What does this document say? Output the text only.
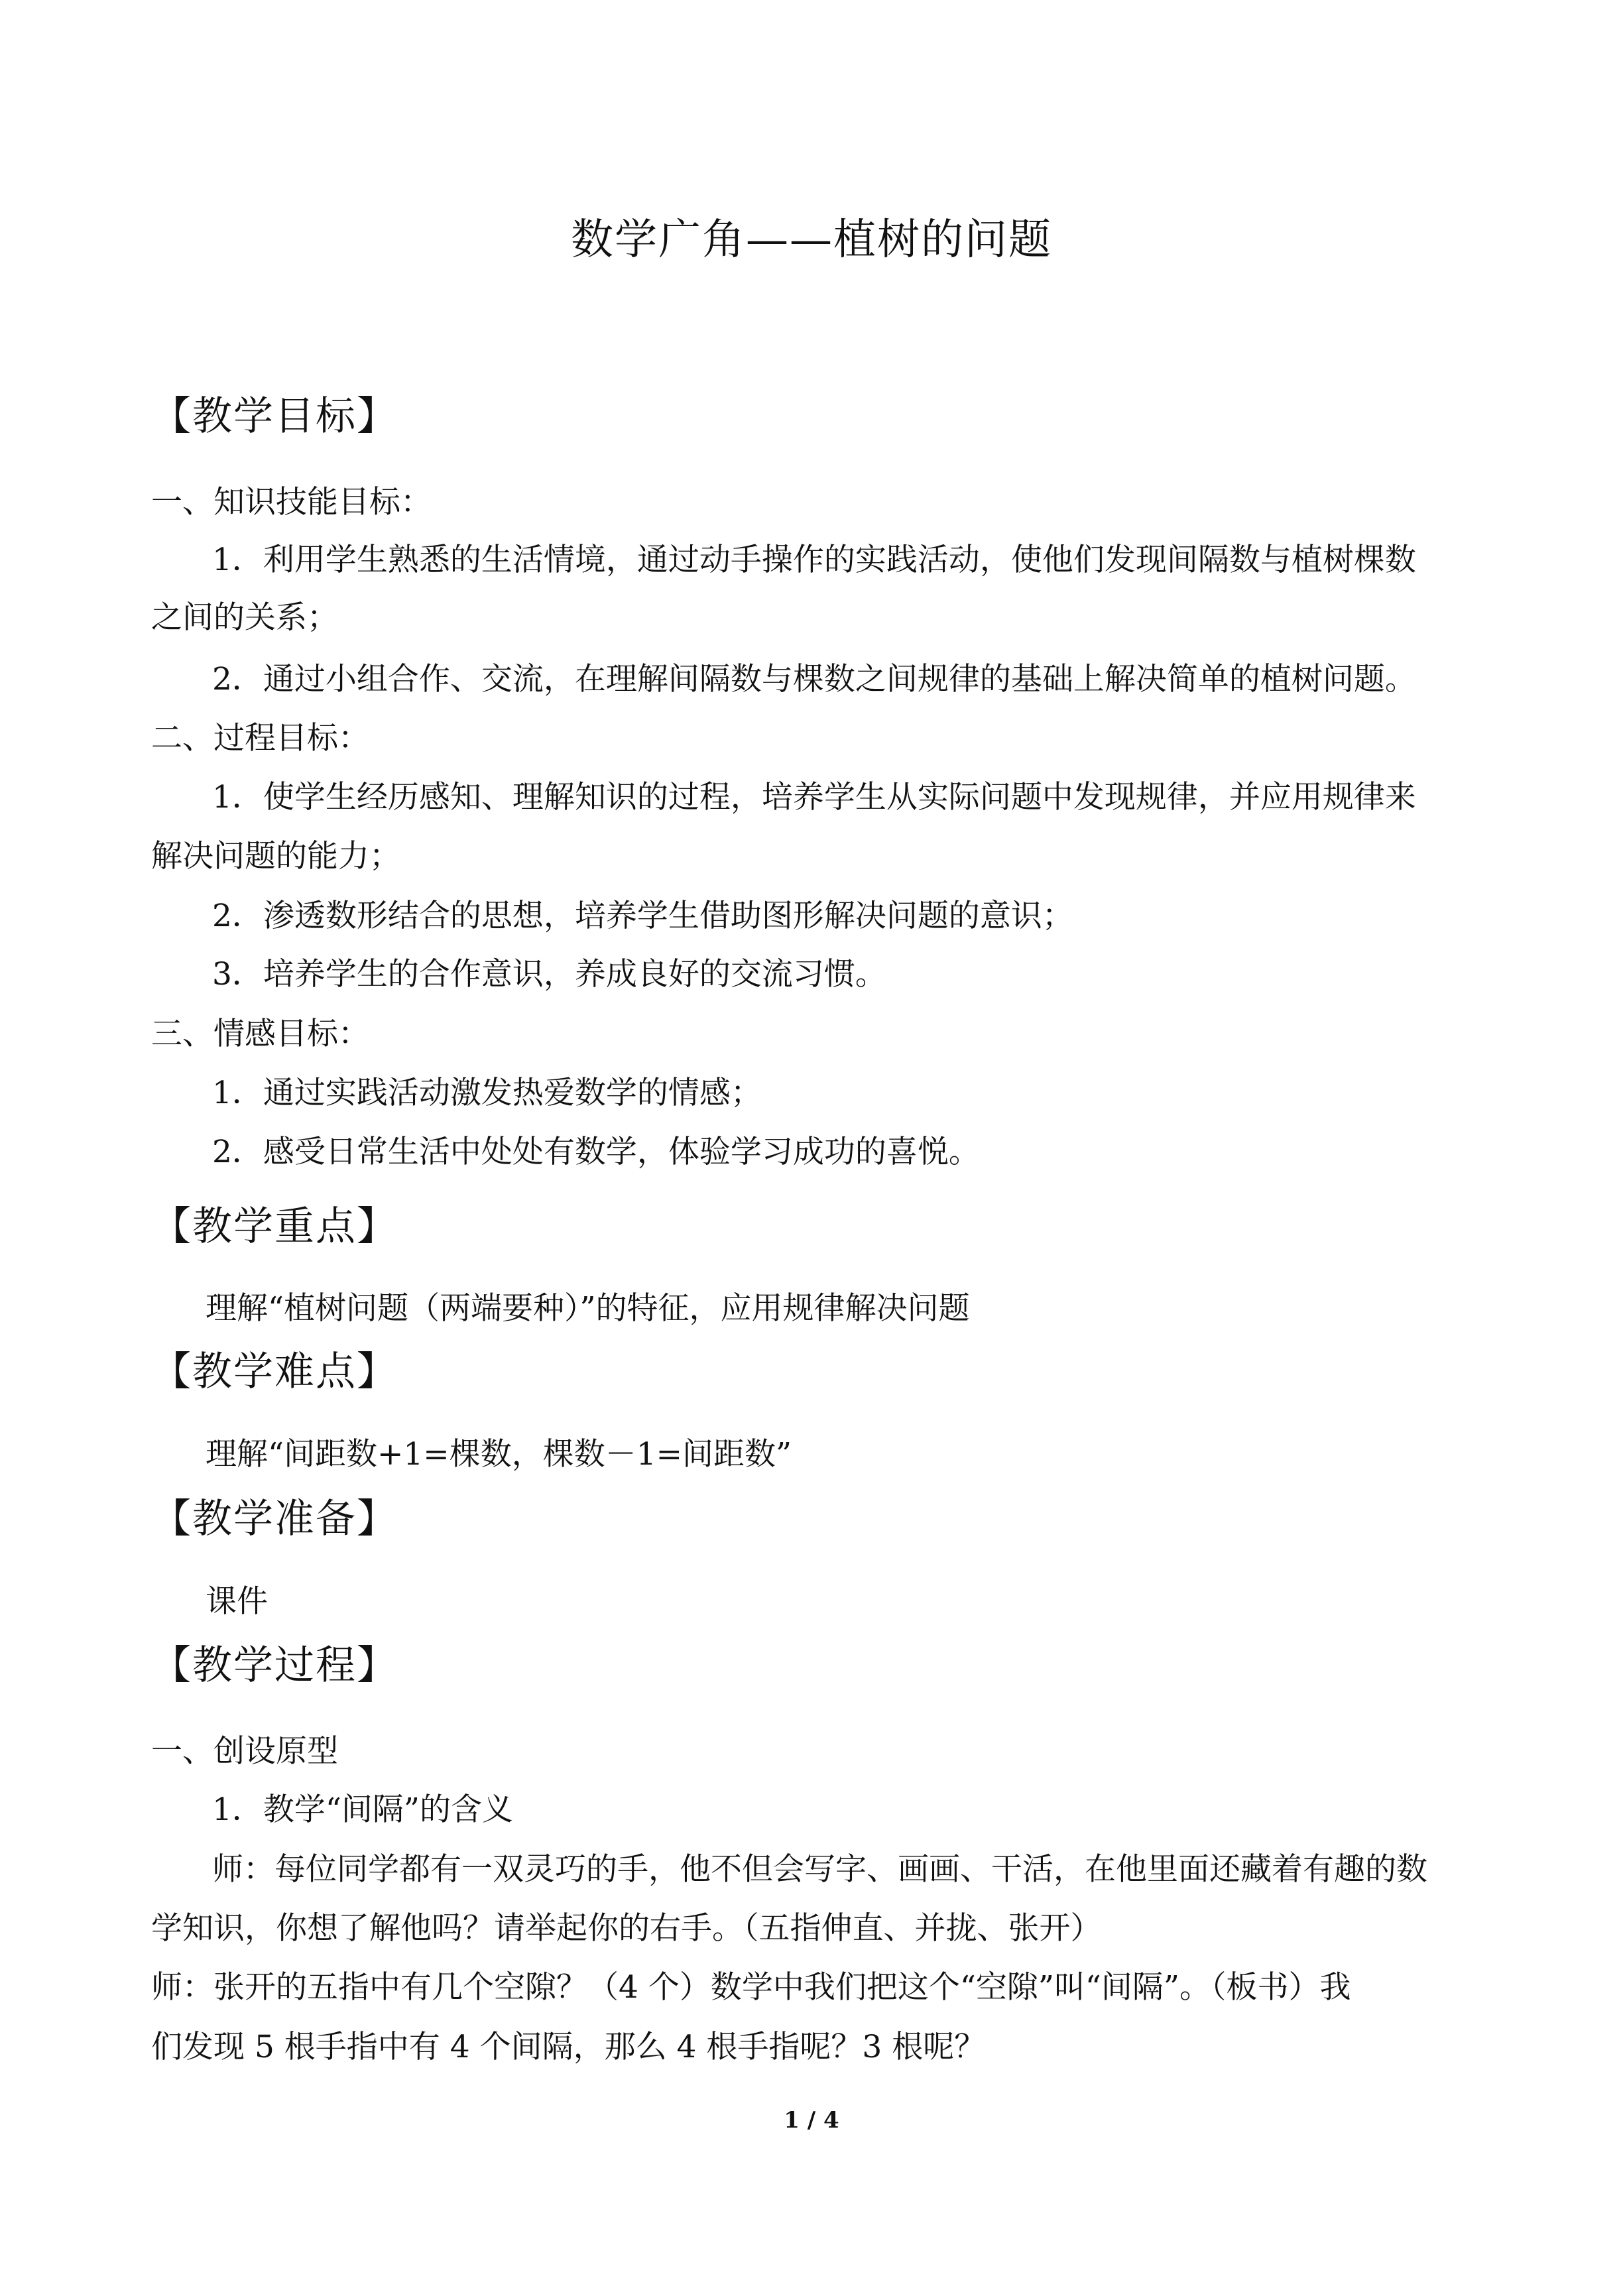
数学广角——植树的问题

【教学目标】

一、知识技能目标：

1．利用学生熟悉的生活情境，通过动手操作的实践活动，使他们发现间隔数与植树棵数

之间的关系；

2．通过小组合作、交流，在理解间隔数与棵数之间规律的基础上解决简单的植树问题。

二、过程目标：

1．使学生经历感知、理解知识的过程，培养学生从实际问题中发现规律，并应用规律来

解决问题的能力；

2．渗透数形结合的思想，培养学生借助图形解决问题的意识；

3．培养学生的合作意识，养成良好的交流习惯。

三、情感目标：

1．通过实践活动激发热爱数学的情感；

2．感受日常生活中处处有数学，体验学习成功的喜悦。

【教学重点】

理解“植树问题（两端要种）”的特征，应用规律解决问题

【教学难点】

理解“间距数+1=棵数，棵数－1=间距数”

【教学准备】

课件

【教学过程】

一、创设原型

1．教学“间隔”的含义

师：每位同学都有一双灵巧的手，他不但会写字、画画、干活，在他里面还藏着有趣的数

学知识，你想了解他吗？请举起你的右手。（五指伸直、并拢、张开）

师：张开的五指中有几个空隙？（4 个）数学中我们把这个“空隙”叫“间隔”。（板书）我

们发现 5 根手指中有 4 个间隔，那么 4 根手指呢？3 根呢？

1 / 4
